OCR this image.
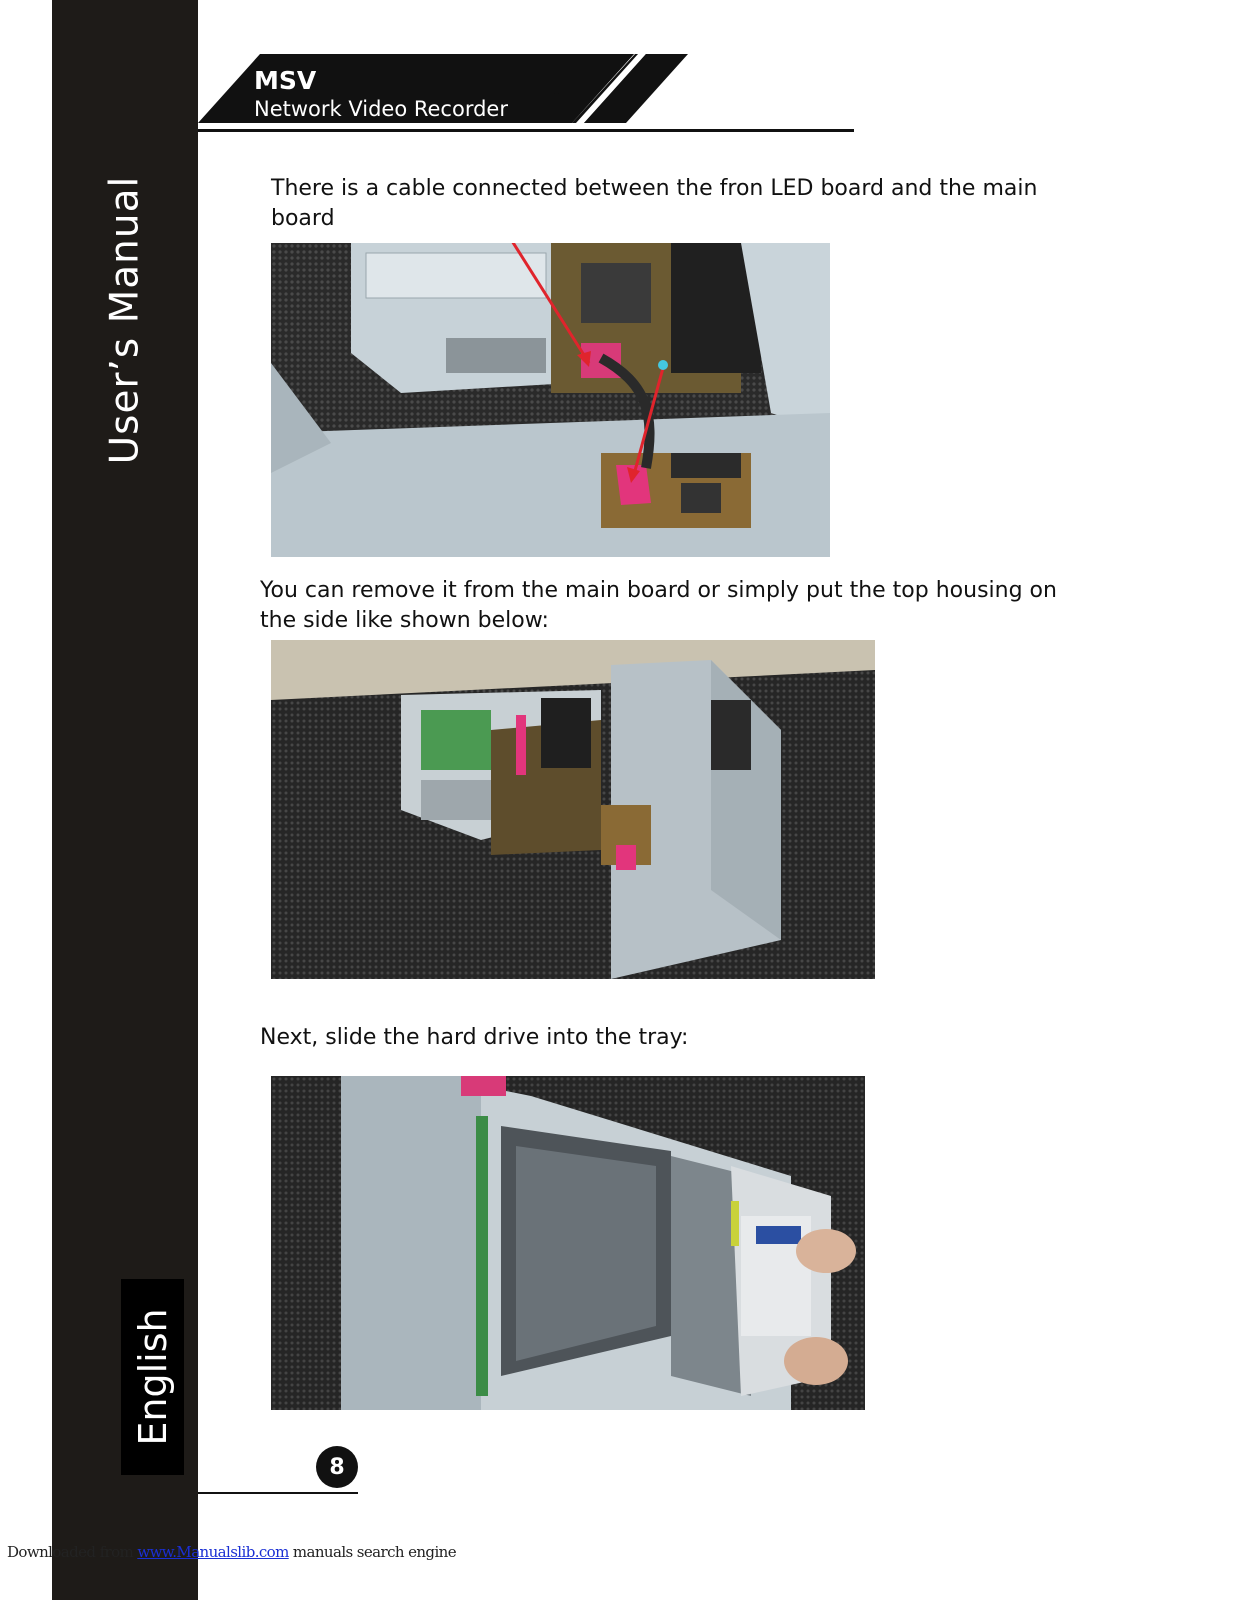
User’s Manual
English
MSV
Network Video Recorder
There is a cable connected between the fron LED board and the main board
You can remove it from the main board or simply put the top housing on the side like shown below:
Next, slide the hard drive into the tray:
8
Downloaded from www.Manualslib.com manuals search engine
